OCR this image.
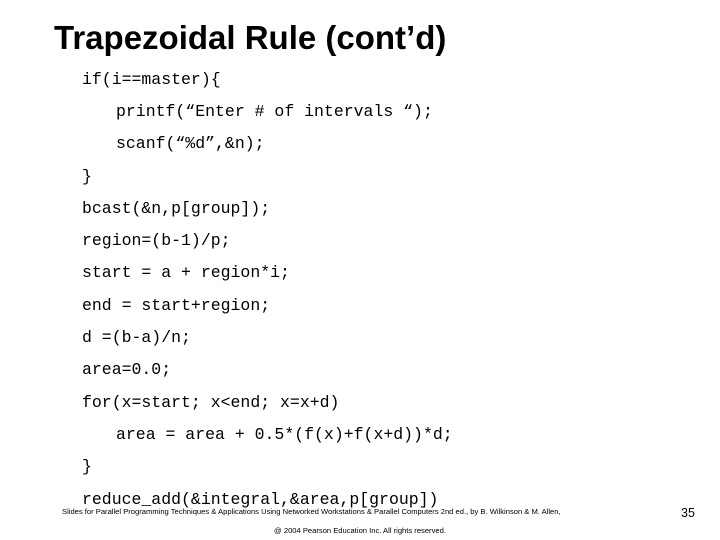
Trapezoidal Rule (cont’d)
if(i==master){
printf(“Enter # of intervals “);
scanf(“%d”,&n);
}
bcast(&n,p[group]);
region=(b-1)/p;
start = a + region*i;
end = start+region;
d =(b-a)/n;
area=0.0;
for(x=start; x<end; x=x+d)
area = area + 0.5*(f(x)+f(x+d))*d;
}
reduce_add(&integral,&area,p[group])
Slides for Parallel Programming Techniques & Applications Using Networked Workstations & Parallel Computers 2nd ed., by B. Wilkinson & M. Allen,
@ 2004 Pearson Education Inc. All rights reserved.
35
